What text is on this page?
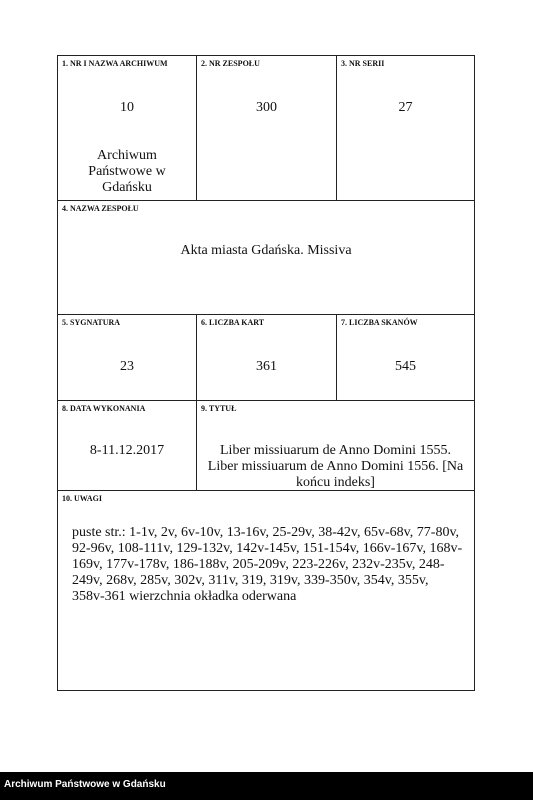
1. NR I NAZWA ARCHIWUM
10
Archiwum Państwowe w Gdańsku
2. NR ZESPOŁU
300
3. NR SERII
27
4. NAZWA ZESPOŁU
Akta miasta Gdańska. Missiva
5. SYGNATURA
23
6. LICZBA KART
361
7. LICZBA SKANÓW
545
8. DATA WYKONANIA
8-11.12.2017
9. TYTUŁ
Liber missiuarum de Anno Domini 1555. Liber missiuarum de Anno Domini 1556. [Na końcu indeks]
10. UWAGI
puste str.: 1-1v, 2v, 6v-10v, 13-16v, 25-29v, 38-42v, 65v-68v, 77-80v, 92-96v, 108-111v, 129-132v, 142v-145v, 151-154v, 166v-167v, 168v-169v, 177v-178v, 186-188v, 205-209v, 223-226v, 232v-235v, 248-249v, 268v, 285v, 302v, 311v, 319, 319v, 339-350v, 354v, 355v, 358v-361 wierzchnia okładka oderwana
Archiwum Państwowe w Gdańsku
